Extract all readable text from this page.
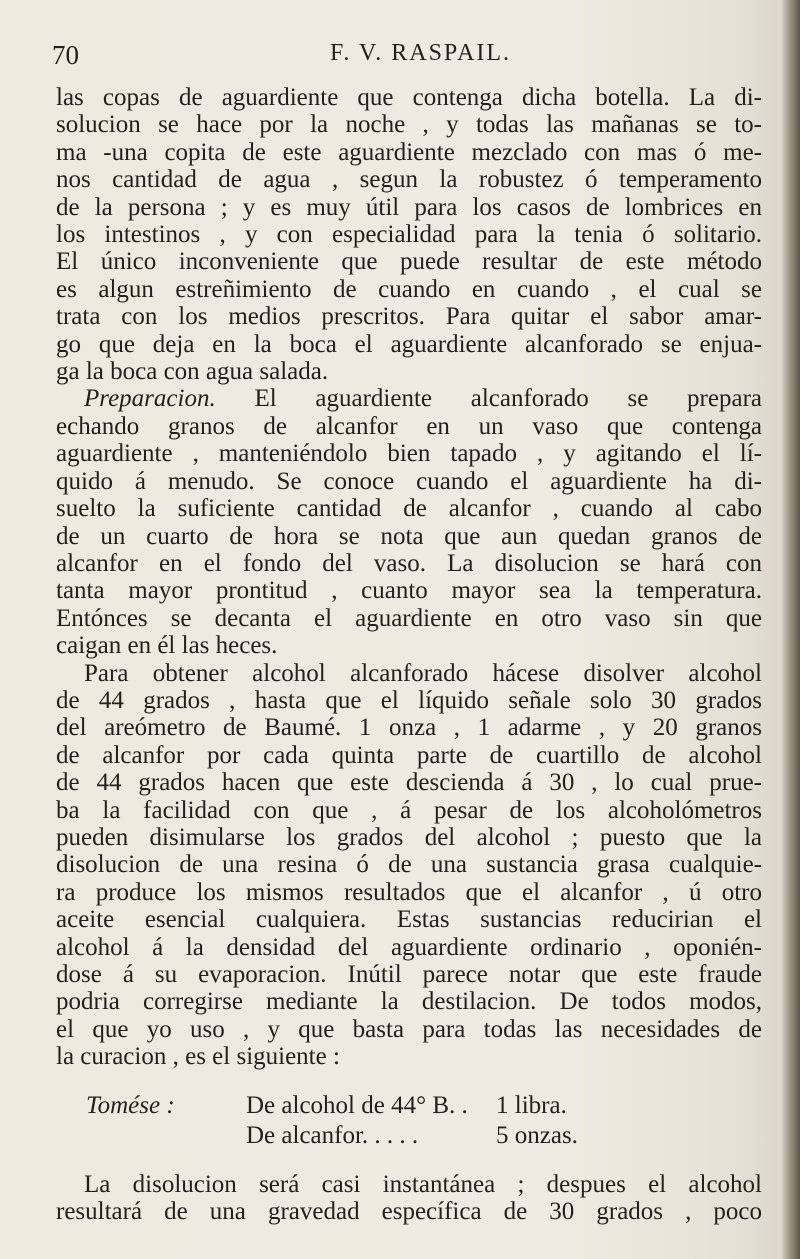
70	F. V. RASPAIL.

las copas de aguardiente que contenga dicha botella. La di-
solucion se hace por la noche , y todas las mañanas se to-
ma -una copita de este aguardiente mezclado con mas ó me-
nos cantidad de agua , segun la robustez ó temperamento
de la persona ; y es muy útil para los casos de lombrices en
los intestinos , y con especialidad para la tenia ó solitario.
El único inconveniente que puede resultar de este método
es algun estreñimiento de cuando en cuando , el cual se
trata con los medios prescritos. Para quitar el sabor amar-
go que deja en la boca el aguardiente alcanforado se enjua-
ga la boca con agua salada.

Preparacion. El aguardiente alcanforado se prepara
echando granos de alcanfor en un vaso que contenga
aguardiente , manteniéndolo bien tapado , y agitando el lí-
quido á menudo. Se conoce cuando el aguardiente ha di-
suelto la suficiente cantidad de alcanfor , cuando al cabo
de un cuarto de hora se nota que aun quedan granos de
alcanfor en el fondo del vaso. La disolucion se hará con
tanta mayor prontitud , cuanto mayor sea la temperatura.
Entónces se decanta el aguardiente en otro vaso sin que
caigan en él las heces.

Para obtener alcohol alcanforado hácese disolver alcohol
de 44 grados , hasta que el líquido señale solo 30 grados
del areómetro de Baumé. 1 onza , 1 adarme , y 20 granos
de alcanfor por cada quinta parte de cuartillo de alcohol
de 44 grados hacen que este descienda á 30 , lo cual prue-
ba la facilidad con que , á pesar de los alcoholómetros
pueden disimularse los grados del alcohol ; puesto que la
disolucion de una resina ó de una sustancia grasa cualquie-
ra produce los mismos resultados que el alcanfor , ú otro
aceite esencial cualquiera. Estas sustancias reducirian el
alcohol á la densidad del aguardiente ordinario , oponién-
dose á su evaporacion. Inútil parece notar que este fraude
podria corregirse mediante la destilacion. De todos modos,
el que yo uso , y que basta para todas las necesidades de
la curacion , es el siguiente :

Tomése :	De alcohol de 44° B. .	1 libra.
De alcanfor. . . . .	5 onzas.

La disolucion será casi instantánea ; despues el alcohol
resultará de una gravedad específica de 30 grados , poco
